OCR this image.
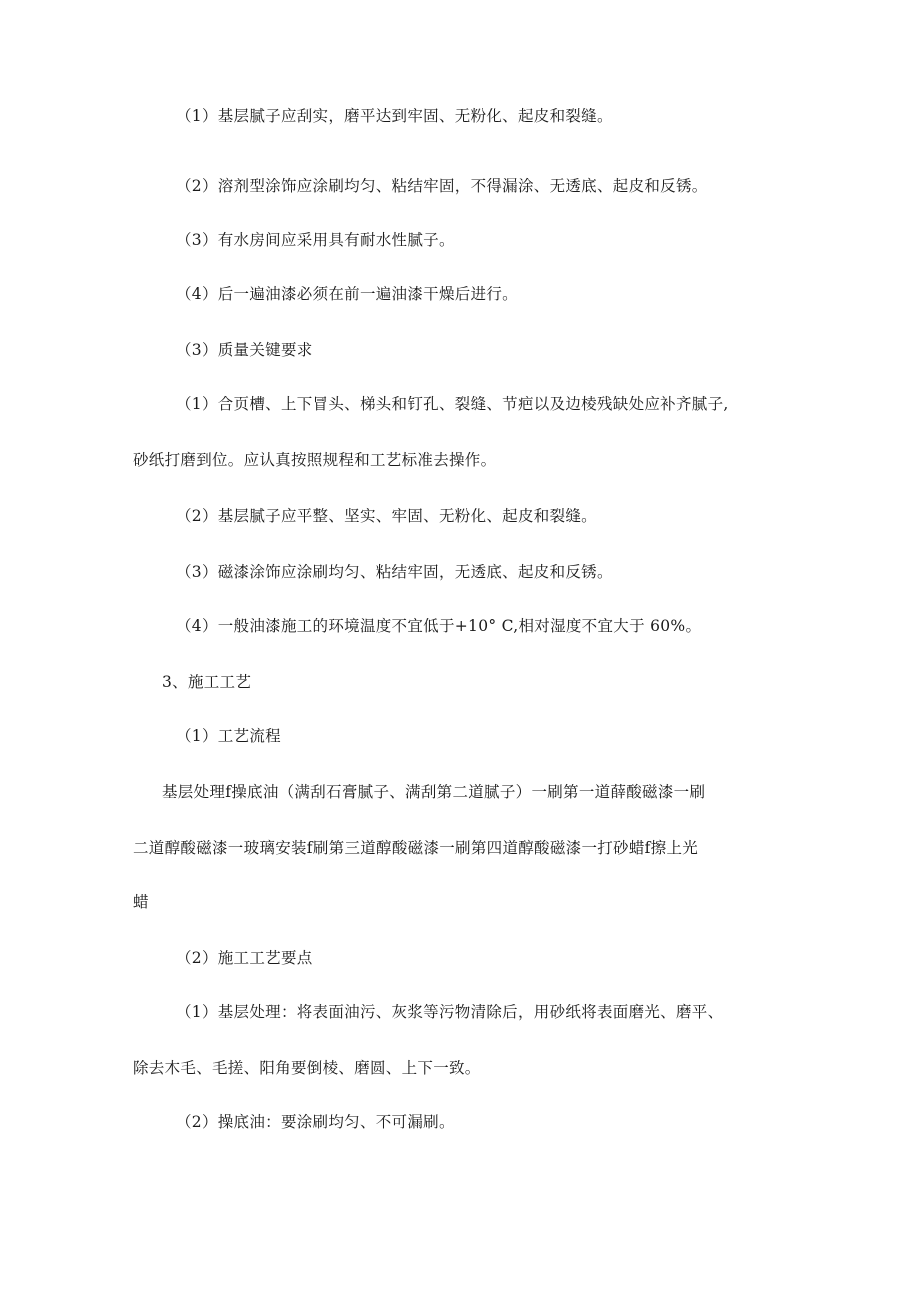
（1）基层腻子应刮实，磨平达到牢固、无粉化、起皮和裂缝。
（2）溶剂型涂饰应涂刷均匀、粘结牢固，不得漏涂、无透底、起皮和反锈。
（3）有水房间应采用具有耐水性腻子。
（4）后一遍油漆必须在前一遍油漆干燥后进行。
（3）质量关键要求
（1）合页槽、上下冒头、梯头和钉孔、裂缝、节疤以及边棱残缺处应补齐腻子,
砂纸打磨到位。应认真按照规程和工艺标准去操作。
（2）基层腻子应平整、坚实、牢固、无粉化、起皮和裂缝。
（3）磁漆涂饰应涂刷均匀、粘结牢固，无透底、起皮和反锈。
（4）一般油漆施工的环境温度不宜低于+10° C,相对湿度不宜大于 60%。
3、施工工艺
（1）工艺流程
基层处理f操底油（满刮石膏腻子、满刮第二道腻子）一刷第一道薛酸磁漆一刷
二道醇酸磁漆一玻璃安装f刷第三道醇酸磁漆一刷第四道醇酸磁漆一打砂蜡f擦上光
蜡
（2）施工工艺要点
（1）基层处理：将表面油污、灰浆等污物清除后，用砂纸将表面磨光、磨平、
除去木毛、毛搓、阳角要倒棱、磨圆、上下一致。
（2）操底油：要涂刷均匀、不可漏刷。
